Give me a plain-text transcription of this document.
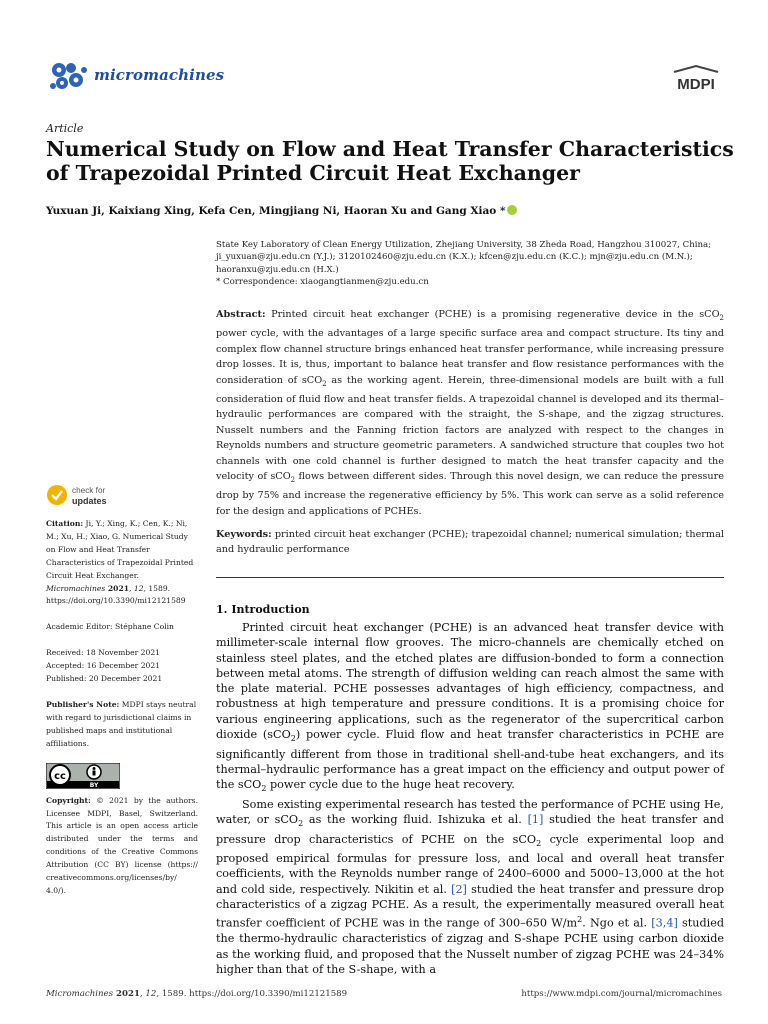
micromachines
MDPI
Article
Numerical Study on Flow and Heat Transfer Characteristics of Trapezoidal Printed Circuit Heat Exchanger
Yuxuan Ji, Kaixiang Xing, Kefa Cen, Mingjiang Ni, Haoran Xu and Gang Xiao *
State Key Laboratory of Clean Energy Utilization, Zhejiang University, 38 Zheda Road, Hangzhou 310027, China;
ji_yuxuan@zju.edu.cn (Y.J.); 3120102460@zju.edu.cn (K.X.); kfcen@zju.edu.cn (K.C.); mjn@zju.edu.cn (M.N.); haoranxu@zju.edu.cn (H.X.)
* Correspondence: xiaogangtianmen@zju.edu.cn
Abstract: Printed circuit heat exchanger (PCHE) is a promising regenerative device in the sCO$_2$ power cycle, with the advantages of a large specific surface area and compact structure. Its tiny and complex flow channel structure brings enhanced heat transfer performance, while increasing pressure drop losses. It is, thus, important to balance heat transfer and flow resistance performances with the consideration of sCO$_2$ as the working agent. Herein, three-dimensional models are built with a full consideration of fluid flow and heat transfer fields. A trapezoidal channel is developed and its thermal–hydraulic performances are compared with the straight, the S-shape, and the zigzag structures. Nusselt numbers and the Fanning friction factors are analyzed with respect to the changes in Reynolds numbers and structure geometric parameters. A sandwiched structure that couples two hot channels with one cold channel is further designed to match the heat transfer capacity and the velocity of sCO$_2$ flows between different sides. Through this novel design, we can reduce the pressure drop by 75% and increase the regenerative efficiency by 5%. This work can serve as a solid reference for the design and applications of PCHEs.
Keywords: printed circuit heat exchanger (PCHE); trapezoidal channel; numerical simulation; thermal and hydraulic performance
check for
updates

Citation: Ji, Y.; Xing, K.; Cen, K.; Ni, M.; Xu, H.; Xiao, G. Numerical Study on Flow and Heat Transfer Characteristics of Trapezoidal Printed Circuit Heat Exchanger. Micromachines 2021, 12, 1589. https://doi.org/10.3390/mi12121589

Academic Editor: Stéphane Colin

Received: 18 November 2021

Accepted: 16 December 2021

Published: 20 December 2021

Publisher's Note: MDPI stays neutral with regard to jurisdictional claims in published maps and institutional affiliations.

cc
BY

Copyright: © 2021 by the authors. Licensee MDPI, Basel, Switzerland. This article is an open access article distributed under the terms and conditions of the Creative Commons Attribution (CC BY) license (https:// creativecommons.org/licenses/by/ 4.0/).

1. Introduction

Printed circuit heat exchanger (PCHE) is an advanced heat transfer device with millimeter-scale internal flow grooves. The micro-channels are chemically etched on stainless steel plates, and the etched plates are diffusion-bonded to form a connection between metal atoms. The strength of diffusion welding can reach almost the same with the plate material. PCHE possesses advantages of high efficiency, compactness, and robustness at high temperature and pressure conditions. It is a promising choice for various engineering applications, such as the regenerator of the supercritical carbon dioxide (sCO$_2$) power cycle. Fluid flow and heat transfer characteristics in PCHE are significantly different from those in traditional shell-and-tube heat exchangers, and its thermal–hydraulic performance has a great impact on the efficiency and output power of the sCO$_2$ power cycle due to the huge heat recovery.

Some existing experimental research has tested the performance of PCHE using He, water, or sCO$_2$ as the working fluid. Ishizuka et al. [1] studied the heat transfer and pressure drop characteristics of PCHE on the sCO$_2$ cycle experimental loop and proposed empirical formulas for pressure loss, and local and overall heat transfer coefficients, with the Reynolds number range of 2400–6000 and 5000–13,000 at the hot and cold side, respectively. Nikitin et al. [2] studied the heat transfer and pressure drop characteristics of a zigzag PCHE. As a result, the experimentally measured overall heat transfer coefficient of PCHE was in the range of 300–650 $W/m^2$. Ngo et al. [3,4] studied the thermo-hydraulic characteristics of zigzag and S-shape PCHE using carbon dioxide as the working fluid, and proposed that the Nusselt number of zigzag PCHE was 24–34% higher than that of the S-shape, with a

Micromachines 2021, 12, 1589. https://doi.org/10.3390/mi12121589	https://www.mdpi.com/journal/micromachines
